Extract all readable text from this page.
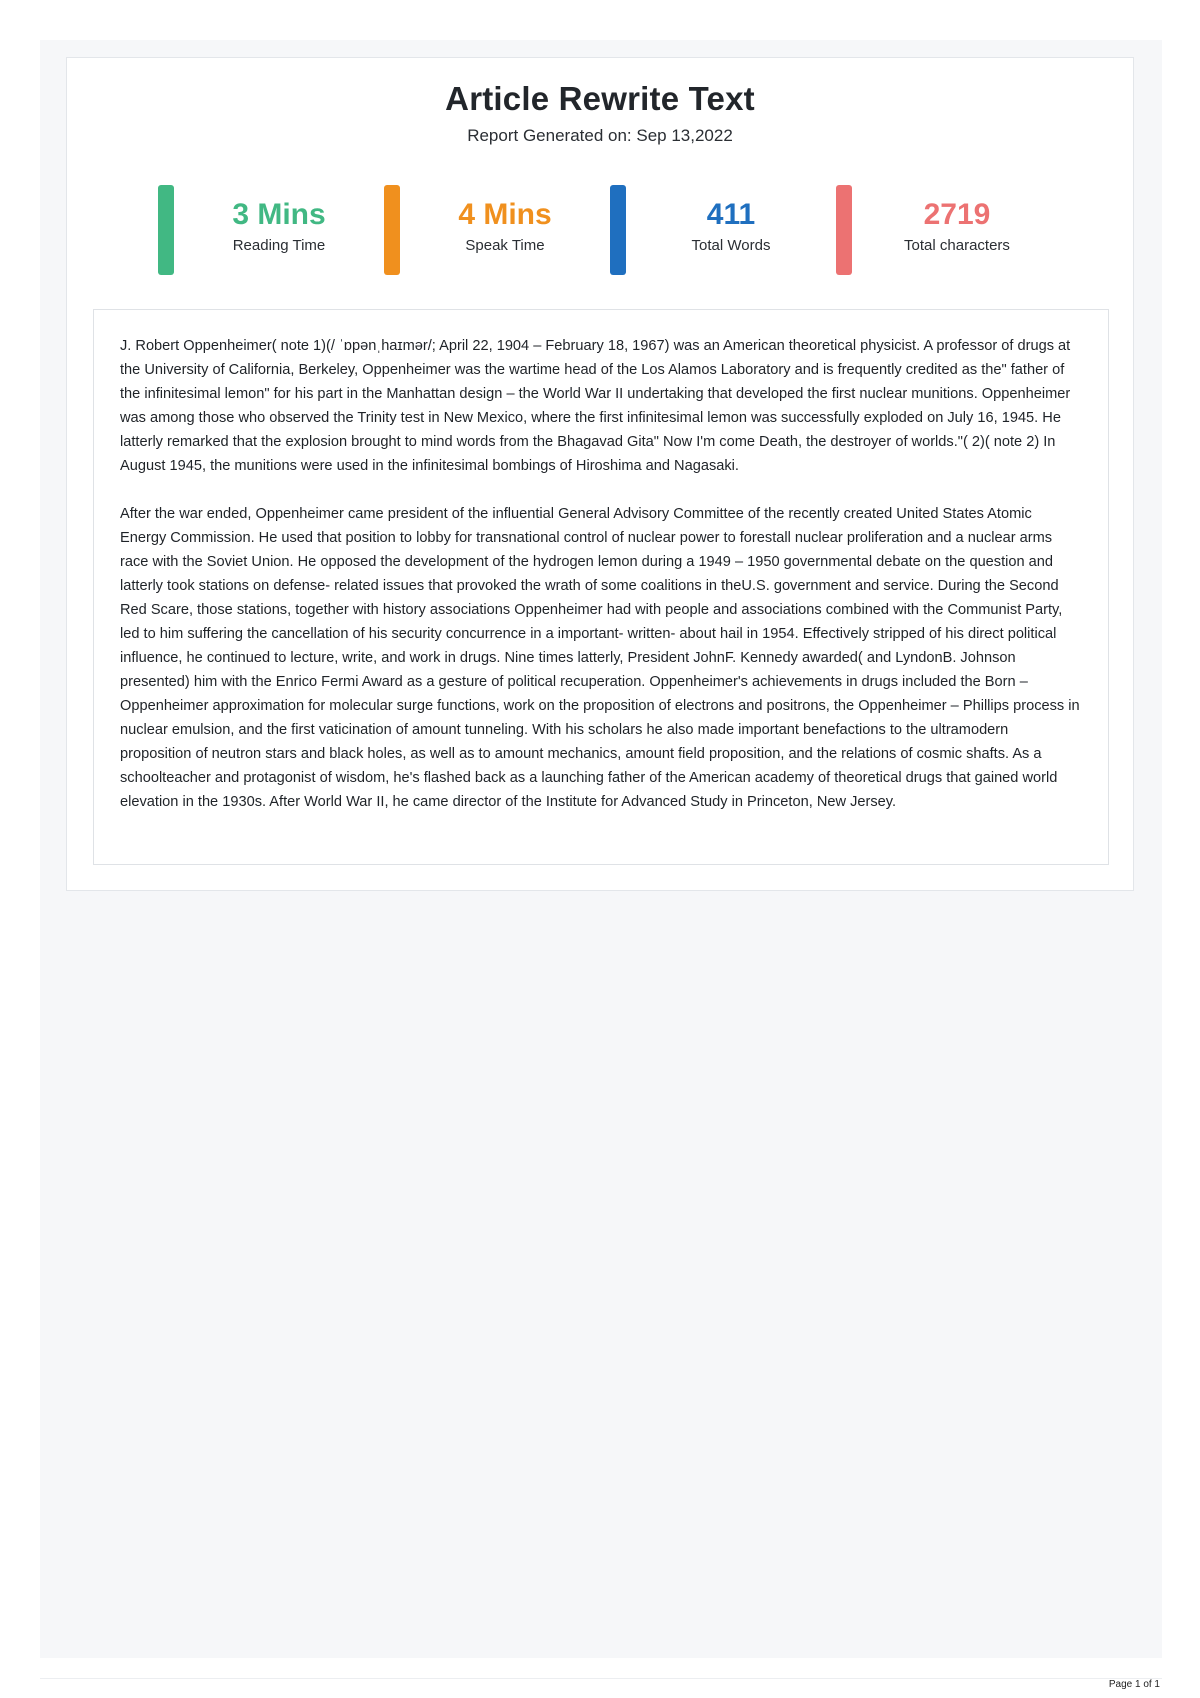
Article Rewrite Text
Report Generated on: Sep 13,2022
3 Mins
Reading Time
4 Mins
Speak Time
411
Total Words
2719
Total characters

J. Robert Oppenheimer( note 1)(/ ˈɒpənˌhaɪmər/; April 22, 1904 – February 18, 1967) was an American theoretical physicist. A professor of drugs at the University of California, Berkeley, Oppenheimer was the wartime head of the Los Alamos Laboratory and is frequently credited as the" father of the infinitesimal lemon" for his part in the Manhattan design – the World War II undertaking that developed the first nuclear munitions. Oppenheimer was among those who observed the Trinity test in New Mexico, where the first infinitesimal lemon was successfully exploded on July 16, 1945. He latterly remarked that the explosion brought to mind words from the Bhagavad Gita" Now I'm come Death, the destroyer of worlds."( 2)( note 2) In August 1945, the munitions were used in the infinitesimal bombings of Hiroshima and Nagasaki.

After the war ended, Oppenheimer came president of the influential General Advisory Committee of the recently created United States Atomic Energy Commission. He used that position to lobby for transnational control of nuclear power to forestall nuclear proliferation and a nuclear arms race with the Soviet Union. He opposed the development of the hydrogen lemon during a 1949 – 1950 governmental debate on the question and latterly took stations on defense- related issues that provoked the wrath of some coalitions in theU.S. government and service. During the Second Red Scare, those stations, together with history associations Oppenheimer had with people and associations combined with the Communist Party, led to him suffering the cancellation of his security concurrence in a important- written- about hail in 1954. Effectively stripped of his direct political influence, he continued to lecture, write, and work in drugs. Nine times latterly, President JohnF. Kennedy awarded( and LyndonB. Johnson presented) him with the Enrico Fermi Award as a gesture of political recuperation. Oppenheimer's achievements in drugs included the Born – Oppenheimer approximation for molecular surge functions, work on the proposition of electrons and positrons, the Oppenheimer – Phillips process in nuclear emulsion, and the first vaticination of amount tunneling. With his scholars he also made important benefactions to the ultramodern proposition of neutron stars and black holes, as well as to amount mechanics, amount field proposition, and the relations of cosmic shafts. As a schoolteacher and protagonist of wisdom, he's flashed back as a launching father of the American academy of theoretical drugs that gained world elevation in the 1930s. After World War II, he came director of the Institute for Advanced Study in Princeton, New Jersey.

Page 1 of 1
